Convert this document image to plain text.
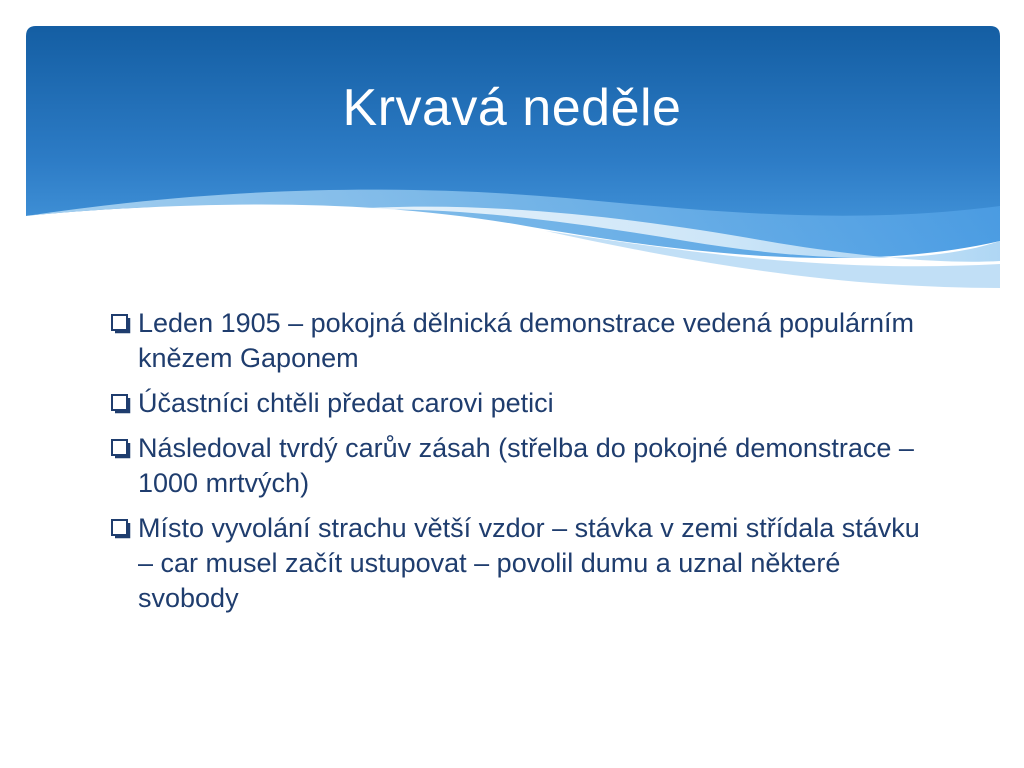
Krvavá neděle
Leden 1905 – pokojná dělnická demonstrace vedená populárním knězem Gaponem
Účastníci chtěli předat carovi petici
Následoval tvrdý carův zásah (střelba do pokojné demonstrace – 1000 mrtvých)
Místo vyvolání strachu větší vzdor – stávka v zemi střídala stávku – car musel začít ustupovat – povolil dumu a uznal některé svobody
